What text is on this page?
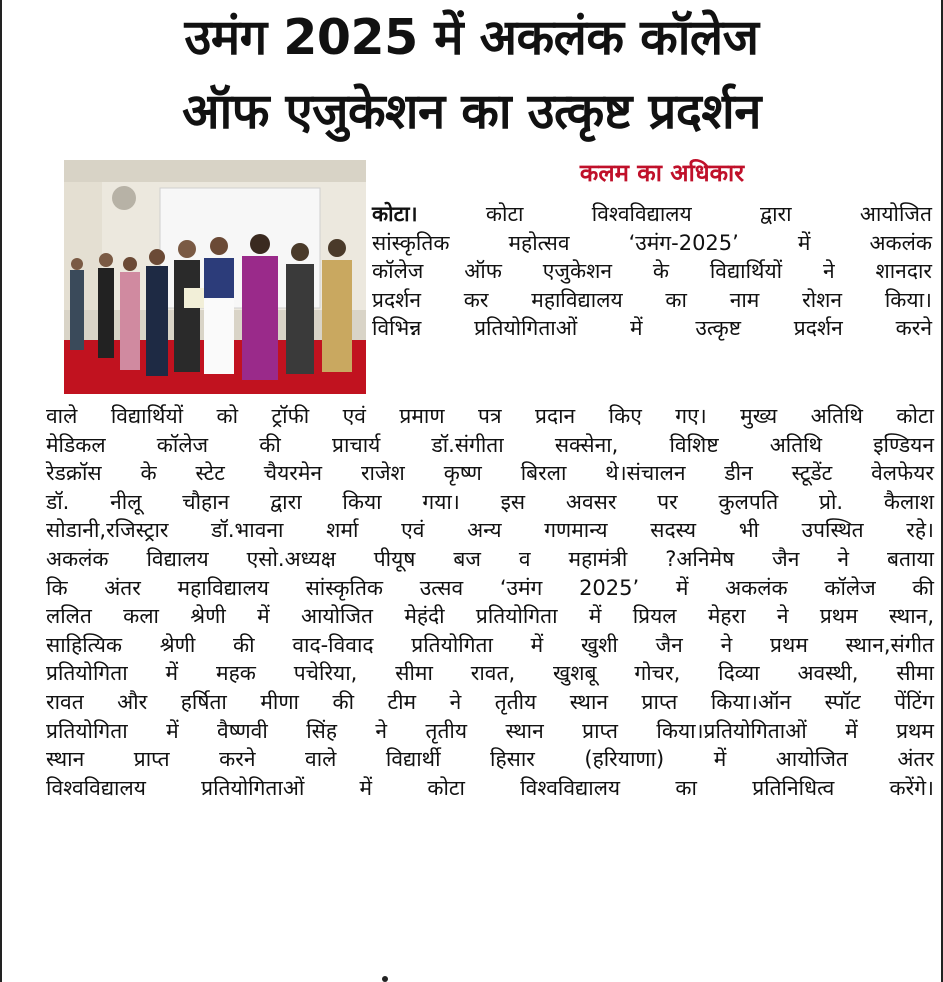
उमंग 2025 में अकलंक कॉलेज
ऑफ एजुकेशन का उत्कृष्ट प्रदर्शन
कलम का अधिकार
कोटा।	कोटा विश्वविद्यालय द्वारा आयोजित
सांस्कृतिक महोत्सव ‘उमंग-2025’ में अकलंक
कॉलेज ऑफ एजुकेशन के विद्यार्थियों ने शानदार
प्रदर्शन कर महाविद्यालय का नाम रोशन किया।
विभिन्न प्रतियोगिताओं में उत्कृष्ट प्रदर्शन करने
वाले विद्यार्थियों को ट्रॉफी एवं प्रमाण पत्र प्रदान किए गए। मुख्य अतिथि कोटा
मेडिकल कॉलेज की प्राचार्य डॉ.संगीता सक्सेना, विशिष्ट अतिथि इण्डियन
रेडक्रॉस के स्टेट चैयरमेन राजेश कृष्ण बिरला थे।संचालन डीन स्टूडेंट वेलफेयर
डॉ. नीलू चौहान द्वारा किया गया। इस अवसर पर कुलपति प्रो. कैलाश
सोडानी,रजिस्ट्रार डॉ.भावना शर्मा एवं अन्य गणमान्य सदस्य भी उपस्थित रहे।
अकलंक विद्यालय एसो.अध्यक्ष पीयूष बज व महामंत्री ?अनिमेष जैन ने बताया
कि अंतर महाविद्यालय सांस्कृतिक उत्सव ‘उमंग 2025’ में अकलंक कॉलेज की
ललित कला श्रेणी में आयोजित मेहंदी प्रतियोगिता में प्रियल मेहरा ने प्रथम स्थान,
साहित्यिक श्रेणी की वाद-विवाद प्रतियोगिता में खुशी जैन ने प्रथम स्थान,संगीत
प्रतियोगिता में महक पचेरिया, सीमा रावत, खुशबू गोचर, दिव्या अवस्थी, सीमा
रावत और हर्षिता मीणा की टीम ने तृतीय स्थान प्राप्त किया।ऑन स्पॉट पेंटिंग
प्रतियोगिता में वैष्णवी सिंह ने तृतीय स्थान प्राप्त किया।प्रतियोगिताओं में प्रथम
स्थान प्राप्त करने वाले विद्यार्थी हिसार (हरियाणा) में आयोजित अंतर
विश्वविद्यालय प्रतियोगिताओं में कोटा विश्वविद्यालय का प्रतिनिधित्व करेंगे।
